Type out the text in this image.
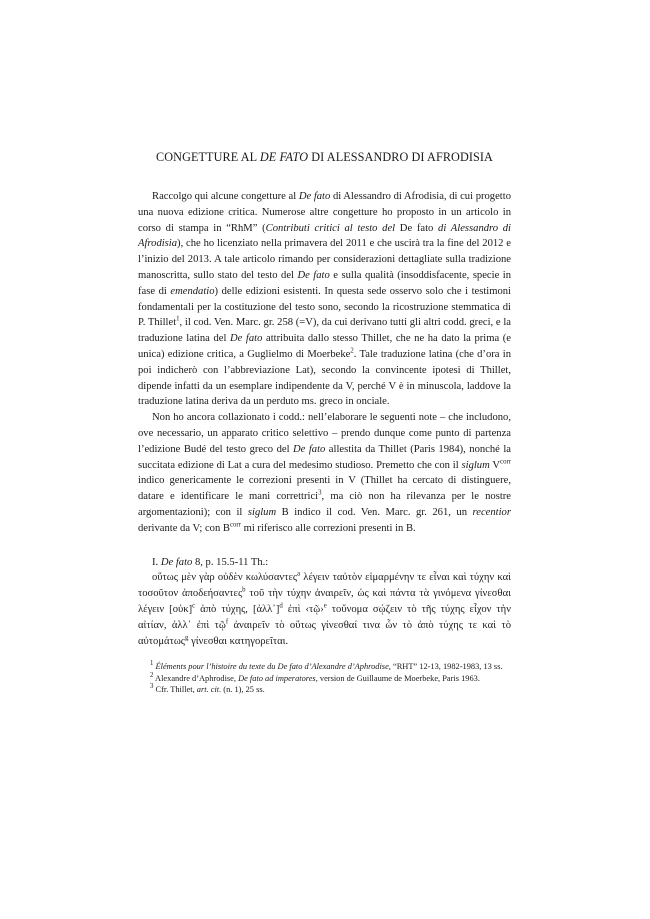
CONGETTURE AL DE FATO DI ALESSANDRO DI AFRODISIA

Raccolgo qui alcune congetture al De fato di Alessandro di Afrodisia, di cui progetto una nuova edizione critica. Numerose altre congetture ho proposto in un articolo in corso di stampa in “RhM” (Contributi critici al testo del De fato di Alessandro di Afrodisia), che ho licenziato nella primavera del 2011 e che uscirà tra la fine del 2012 e l’inizio del 2013. A tale articolo rimando per considerazioni dettagliate sulla tradizione manoscritta, sullo stato del testo del De fato e sulla qualità (insoddisfacente, specie in fase di emendatio) delle edizioni esistenti. In questa sede osservo solo che i testimoni fondamentali per la costituzione del testo sono, secondo la ricostruzione stemmatica di P. Thillet$^1$, il cod. Ven. Marc. gr. 258 (=V), da cui derivano tutti gli altri codd. greci, e la traduzione latina del De fato attribuita dallo stesso Thillet, che ne ha dato la prima (e unica) edizione critica, a Guglielmo di Moerbeke$^2$. Tale traduzione latina (che d’ora in poi indicherò con l’abbreviazione Lat), secondo la convincente ipotesi di Thillet, dipende infatti da un esemplare indipendente da V, perché V è in minuscola, laddove la traduzione latina deriva da un perduto ms. greco in onciale.

Non ho ancora collazionato i codd.: nell’elaborare le seguenti note – che includono, ove necessario, un apparato critico selettivo – prendo dunque come punto di partenza l’edizione Budé del testo greco del De fato allestita da Thillet (Paris 1984), nonché la succitata edizione di Lat a cura del medesimo studioso. Premetto che con il siglum $V^{corr}$ indico genericamente le correzioni presenti in V (Thillet ha cercato di distinguere, datare e identificare le mani correttrici$^3$, ma ciò non ha rilevanza per le nostre argomentazioni); con il siglum B indico il cod. Ven. Marc. gr. 261, un recentior derivante da V; con $B^{corr}$ mi riferisco alle correzioni presenti in B.

I. De fato 8, p. 15.5-11 Th.:

οὕτως μὲν γὰρ οὐδὲν κωλύσαντες$^a$ λέγειν ταὐτὸν εἱμαρμένην τε εἶναι καὶ τύχην καὶ τοσοῦτον ἀποδεήσαντες$^b$ τοῦ τὴν τύχην ἀναιρεῖν, ὡς καὶ πάντα τὰ γινόμενα γίνεσθαι λέγειν [οὐκ]$^c$ ἀπὸ τύχης, [ἀλλ᾽]$^d$ ἐπὶ ‹τῷ›$^e$ τοὔνομα σῴζειν τὸ τῆς τύχης εἶχον τὴν αἰτίαν, ἀλλ᾽ ἐπὶ τῷ$^f$ ἀναιρεῖν τὸ οὕτως γίνεσθαί τινα ὧν τὸ ἀπὸ τύχης τε καὶ τὸ αὐτομάτως$^g$ γίνεσθαι κατηγορεῖται.

$^1$ Éléments pour l’histoire du texte du De fato d’Alexandre d’Aphrodise, “RHT” 12-13, 1982-1983, 13 ss.

$^2$ Alexandre d’Aphrodise, De fato ad imperatores, version de Guillaume de Moerbeke, Paris 1963.

$^3$ Cfr. Thillet, art. cit. (n. 1), 25 ss.
